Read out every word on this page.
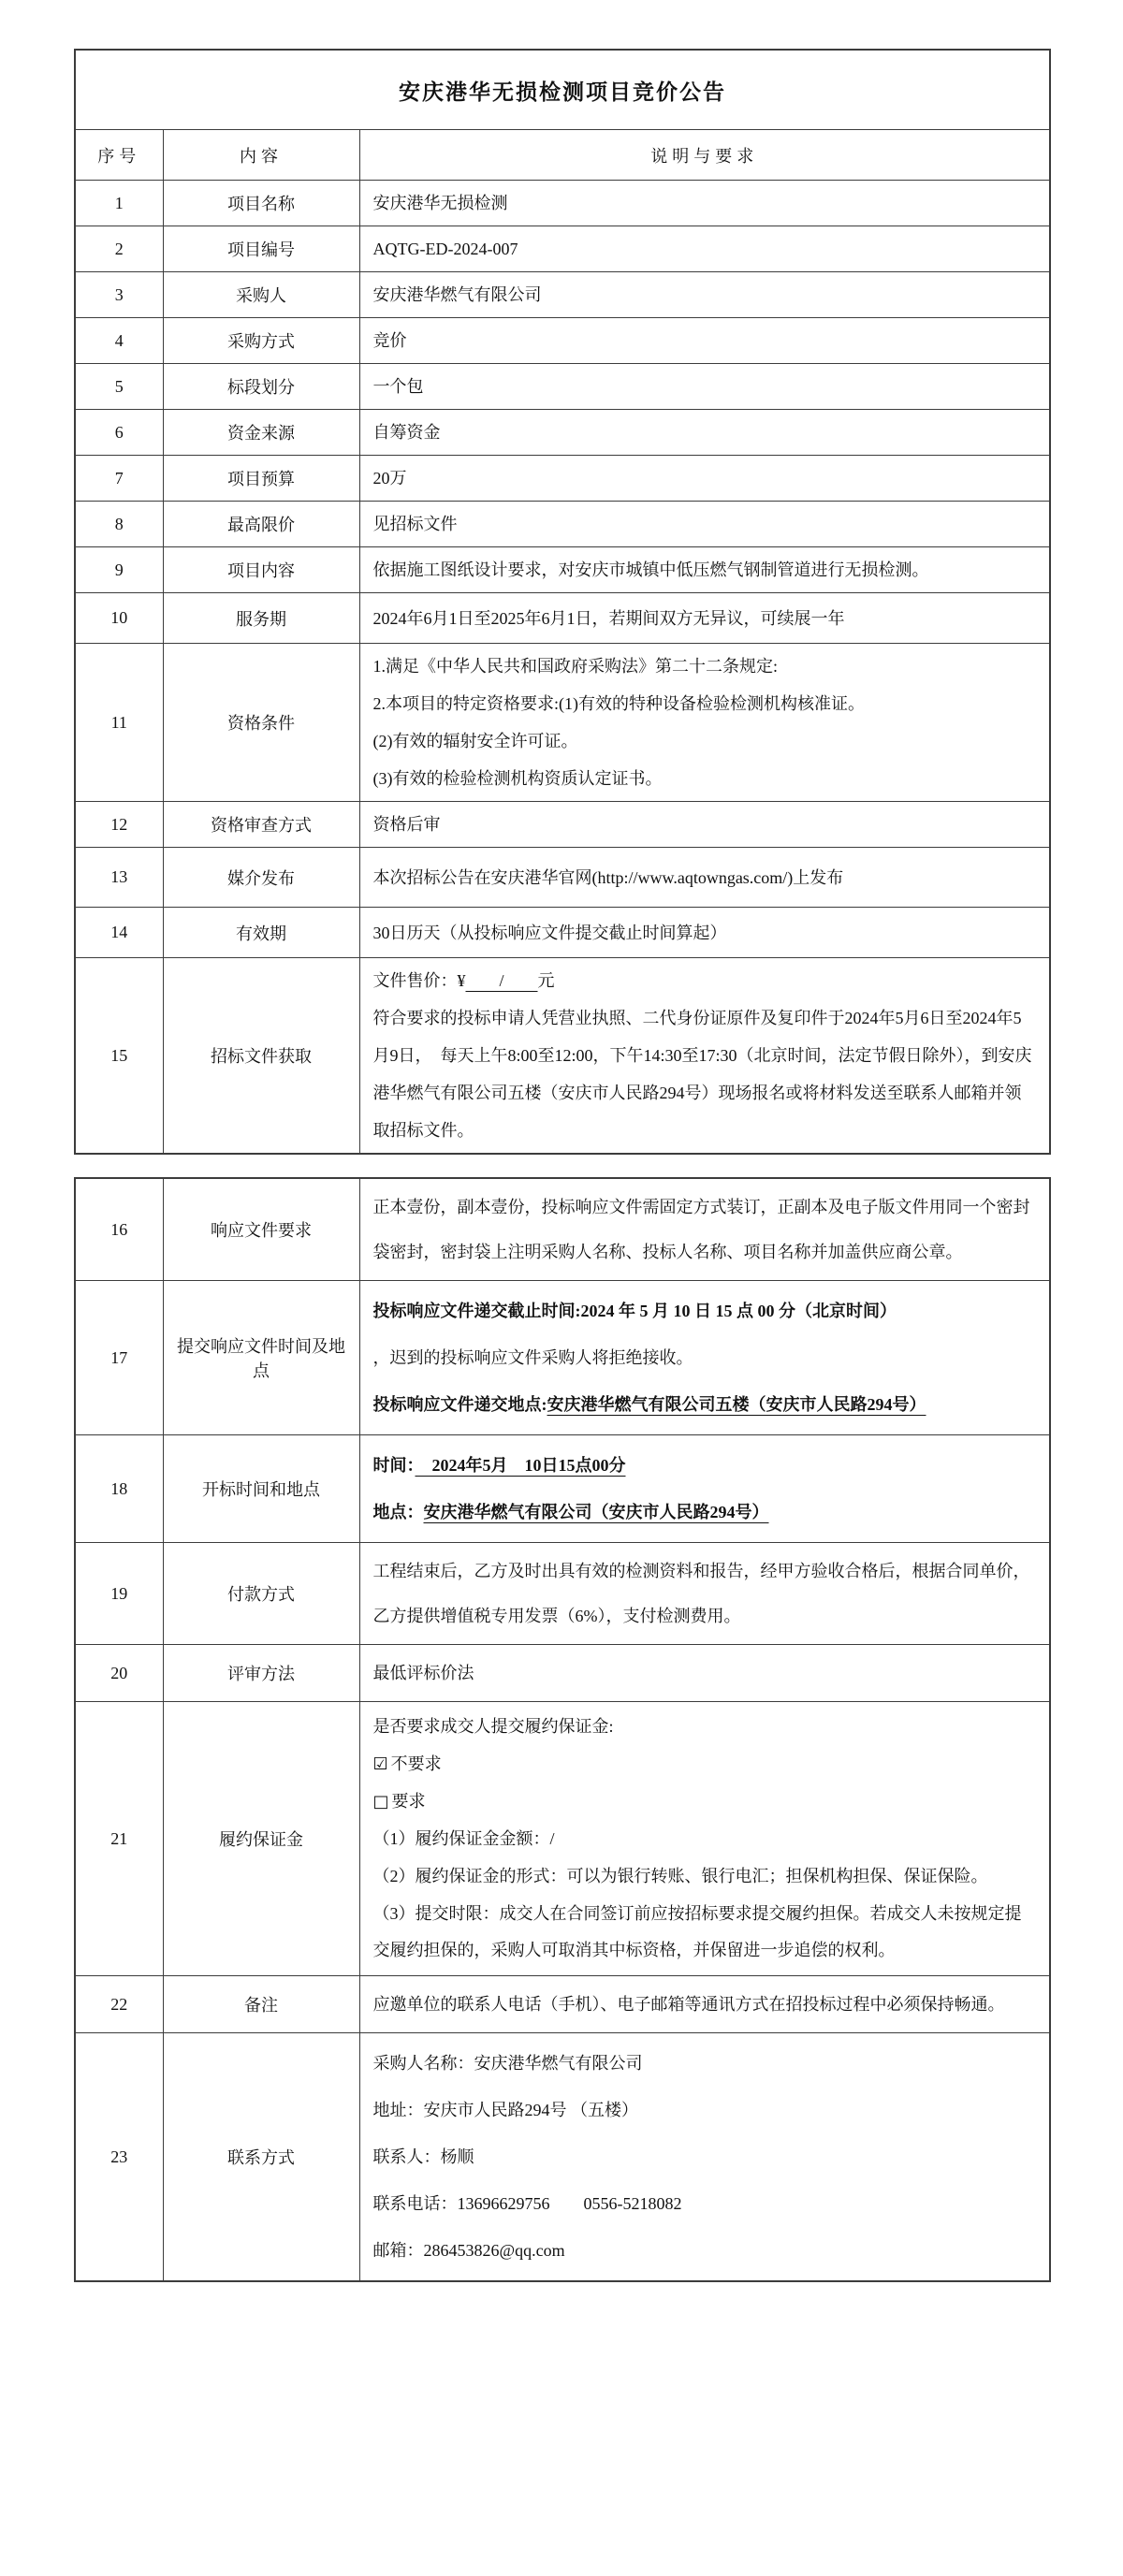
安庆港华无损检测项目竞价公告		
序号	内容	说明与要求
1	项目名称	安庆港华无损检测
2	项目编号	AQTG-ED-2024-007
3	采购人	安庆港华燃气有限公司
4	采购方式	竞价
5	标段划分	一个包
6	资金来源	自筹资金
7	项目预算	20万
8	最高限价	见招标文件
9	项目内容	依据施工图纸设计要求，对安庆市城镇中低压燃气钢制管道进行无损检测。
10	服务期	2024年6月1日至2025年6月1日，若期间双方无异议，可续展一年
11	资格条件	1.满足《中华人民共和国政府采购法》第二十二条规定:
2.本项目的特定资格要求:(1)有效的特种设备检验检测机构核准证。
(2)有效的辐射安全许可证。
(3)有效的检验检测机构资质认定证书。

12	资格审查方式	资格后审
13	媒介发布	本次招标公告在安庆港华官网(http://www.aqtowngas.com/)上发布
14	有效期	30日历天（从投标响应文件提交截止时间算起）
15	招标文件获取	文件售价：¥　　/　　元
符合要求的投标申请人凭营业执照、二代身份证原件及复印件于2024年5月6日至2024年5月9日，　每天上午8:00至12:00，下午14:30至17:30（北京时间，法定节假日除外），到安庆港华燃气有限公司五楼（安庆市人民路294号）现场报名或将材料发送至联系人邮箱并领取招标文件。
16	响应文件要求	正本壹份，副本壹份，投标响应文件需固定方式装订，正副本及电子版文件用同一个密封袋密封，密封袋上注明采购人名称、投标人名称、项目名称并加盖供应商公章。
17	提交响应文件时间及地点	投标响应文件递交截止时间:2024 年 5 月 10 日 15 点 00 分（北京时间）
，迟到的投标响应文件采购人将拒绝接收。
投标响应文件递交地点:安庆港华燃气有限公司五楼（安庆市人民路294号）

18	开标时间和地点	时间：　2024年5月　10日15点00分
地点：安庆港华燃气有限公司（安庆市人民路294号）

19	付款方式	工程结束后，乙方及时出具有效的检测资料和报告，经甲方验收合格后，根据合同单价，乙方提供增值税专用发票（6%），支付检测费用。
20	评审方法	最低评标价法
21	履约保证金	
是否要求成交人提交履约保证金:
☑ 不要求
□ 要求
（1）履约保证金金额：/
（2）履约保证金的形式：可以为银行转账、银行电汇；担保机构担保、保证保险。
（3）提交时限：成交人在合同签订前应按招标要求提交履约担保。若成交人未按规定提交履约担保的，采购人可取消其中标资格，并保留进一步追偿的权利。

22	备注	应邀单位的联系人电话（手机）、电子邮箱等通讯方式在招投标过程中必须保持畅通。
23	联系方式	采购人名称：安庆港华燃气有限公司
地址：安庆市人民路294号 （五楼）
联系人：杨顺
联系电话：13696629756　　0556-5218082
邮箱：286453826@qq.com
